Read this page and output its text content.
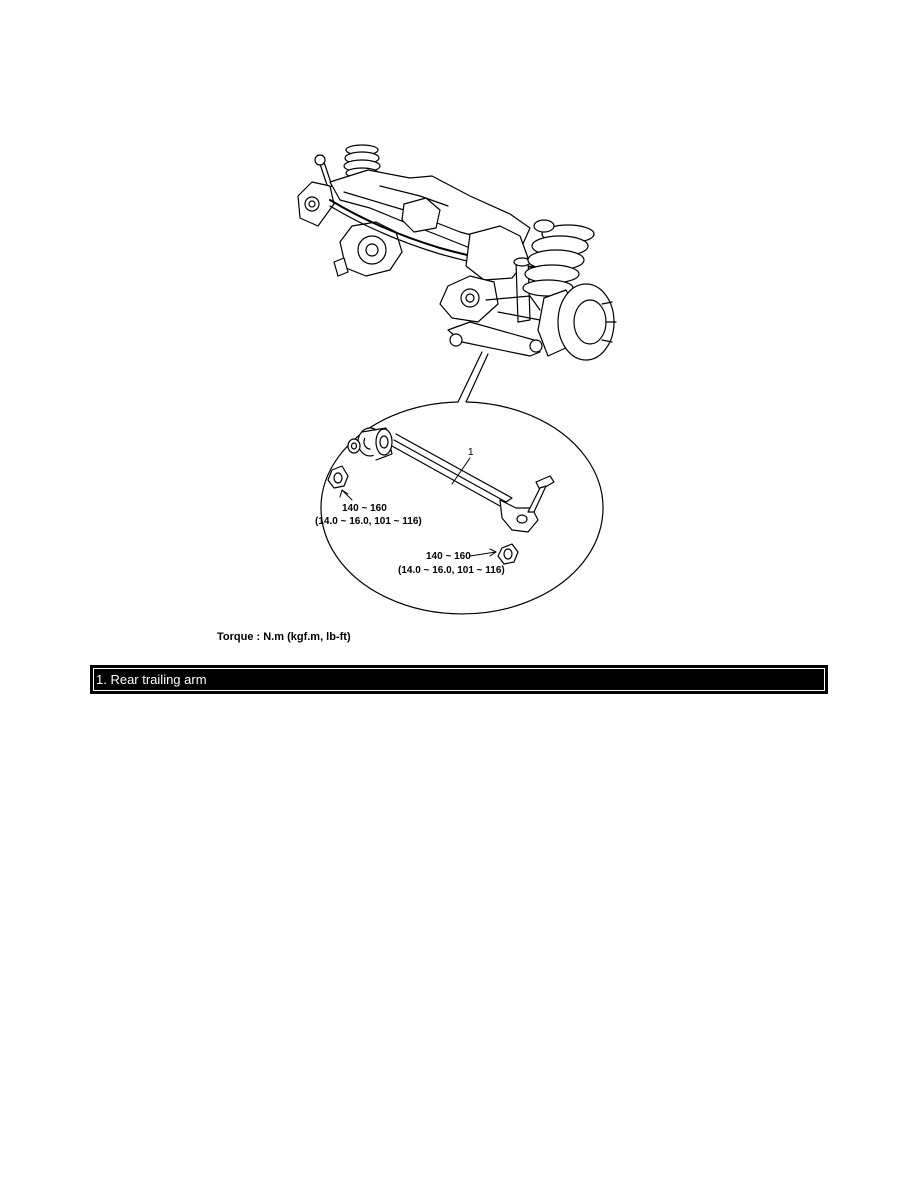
1
140 ~ 160
(14.0 ~ 16.0, 101 ~ 116)
140 ~ 160
(14.0 ~ 16.0, 101 ~ 116)
Torque : N.m (kgf.m, lb-ft)
1. Rear trailing arm
